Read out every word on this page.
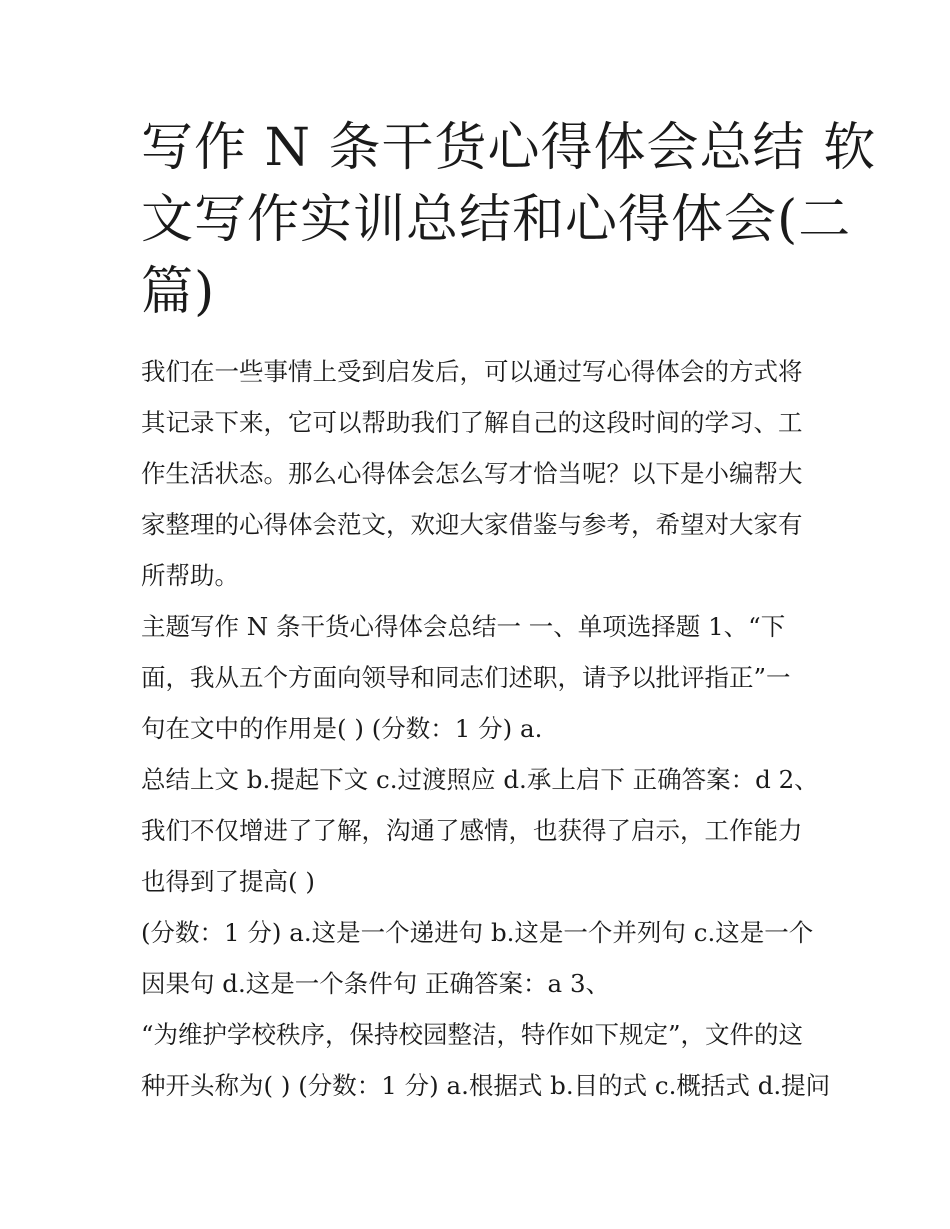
写作 N 条干货心得体会总结 软
文写作实训总结和心得体会(二
篇)

我们在一些事情上受到启发后，可以通过写心得体会的方式将
其记录下来，它可以帮助我们了解自己的这段时间的学习、工
作生活状态。那么心得体会怎么写才恰当呢？以下是小编帮大
家整理的心得体会范文，欢迎大家借鉴与参考，希望对大家有
所帮助。

主题写作 N 条干货心得体会总结一 一、单项选择题 1、“下
面，我从五个方面向领导和同志们述职，请予以批评指正”一
句在文中的作用是( ) (分数：1 分) a.

总结上文 b.提起下文 c.过渡照应 d.承上启下 正确答案：d 2、
我们不仅增进了了解，沟通了感情，也获得了启示，工作能力
也得到了提高( )

(分数：1 分) a.这是一个递进句 b.这是一个并列句 c.这是一个
因果句 d.这是一个条件句 正确答案：a 3、

“为维护学校秩序，保持校园整洁，特作如下规定”，文件的这
种开头称为( ) (分数：1 分) a.根据式 b.目的式 c.概括式 d.提问
